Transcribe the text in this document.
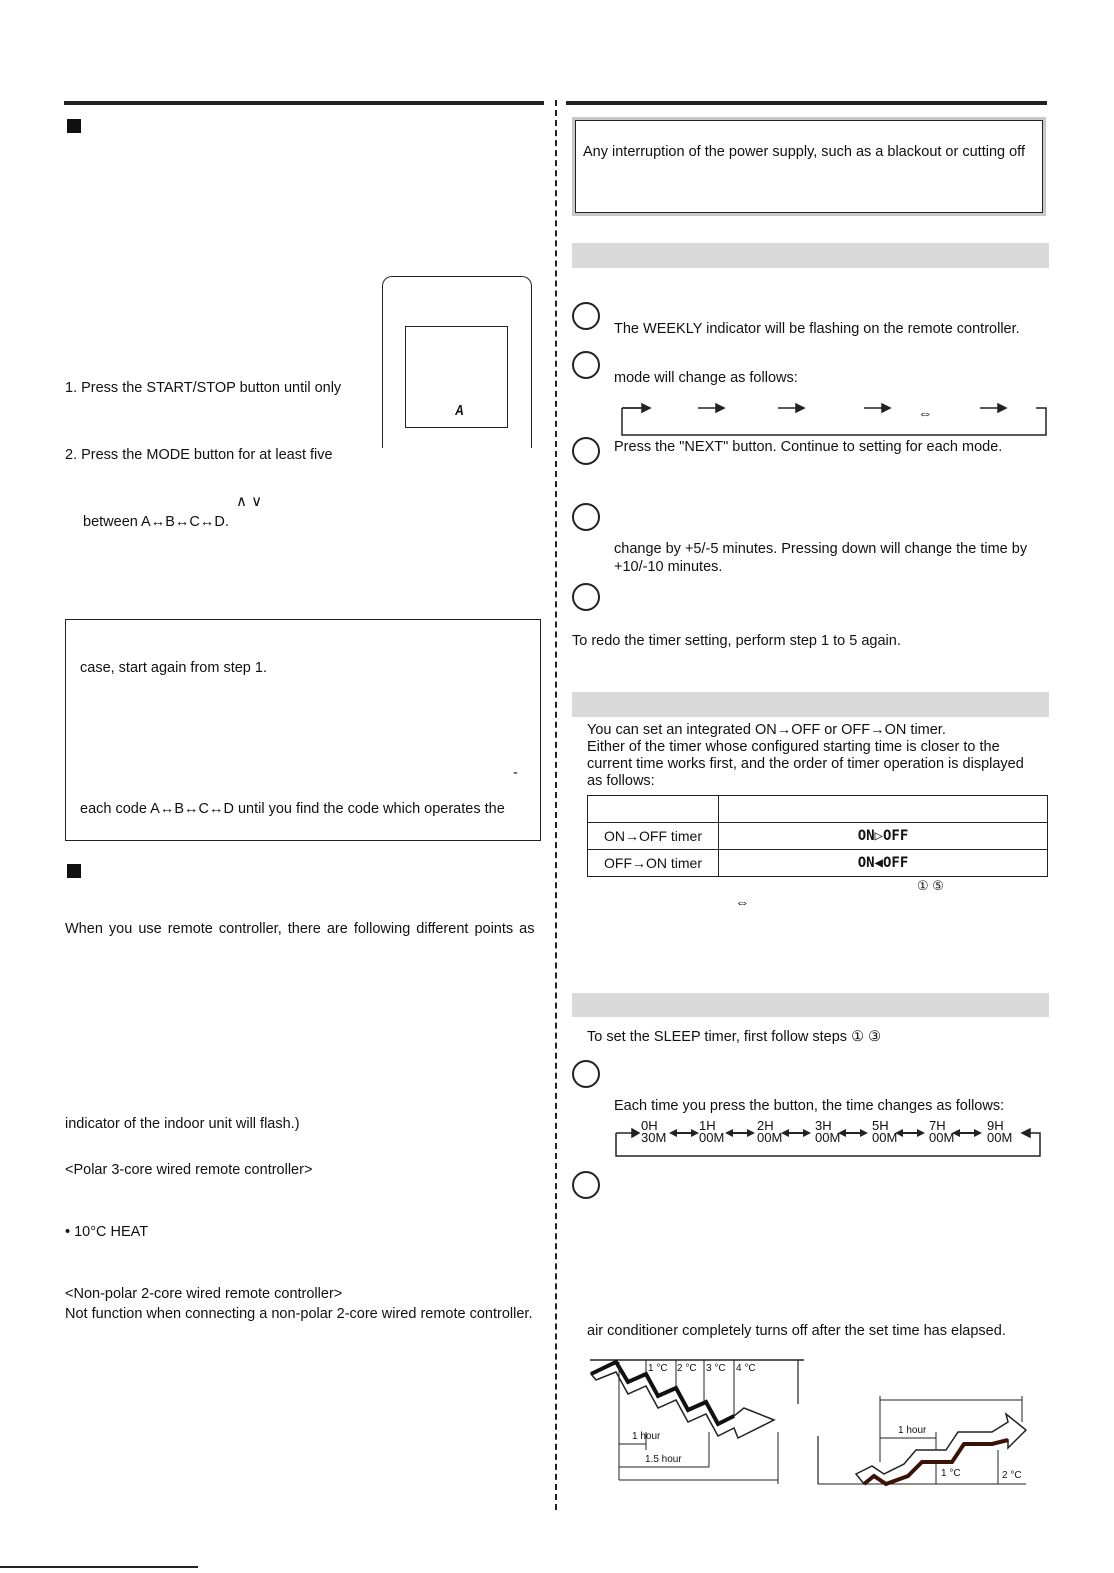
A
1. Press the START/STOP button until only
2. Press the MODE button for at least five
∧ ∨
between A↔B↔C↔D.
case, start again from step 1.
-
each code A↔B↔C↔D until you find the code which operates the
When you use remote controller, there are following different points as
indicator of the indoor unit will flash.)
<Polar 3-core wired remote controller>
• 10°C HEAT
<Non-polar 2-core wired remote controller>
Not function when connecting a non-polar 2-core wired remote controller.
Any interruption of the power supply, such as a blackout or cutting off
The WEEKLY indicator will be flashing on the remote controller.
mode will change as follows:
⇔
Press the "NEXT" button. Continue to setting for each mode.
change by +5/-5 minutes. Pressing down will change the time by
+10/-10 minutes.
To redo the timer setting, perform step 1 to 5 again.
You can set an integrated ON→OFF or OFF→ON timer.
Either of the timer whose configured starting time is closer to the
current time works first, and the order of timer operation is displayed
as follows:

ON→OFF timer	ON▷OFF
OFF→ON timer	ON◀OFF
① ⑤
⇔
To set the SLEEP timer, first follow steps ① ③
Each time you press the button, the time changes as follows:
0H
30M
1H
00M
2H
00M
3H
00M
5H
00M
7H
00M
9H
00M
air conditioner completely turns off after the set time has elapsed.
1 °C 2 °C 3 °C 4 °C
1 hour
1.5 hour
1 hour
1 °C	2 °C
